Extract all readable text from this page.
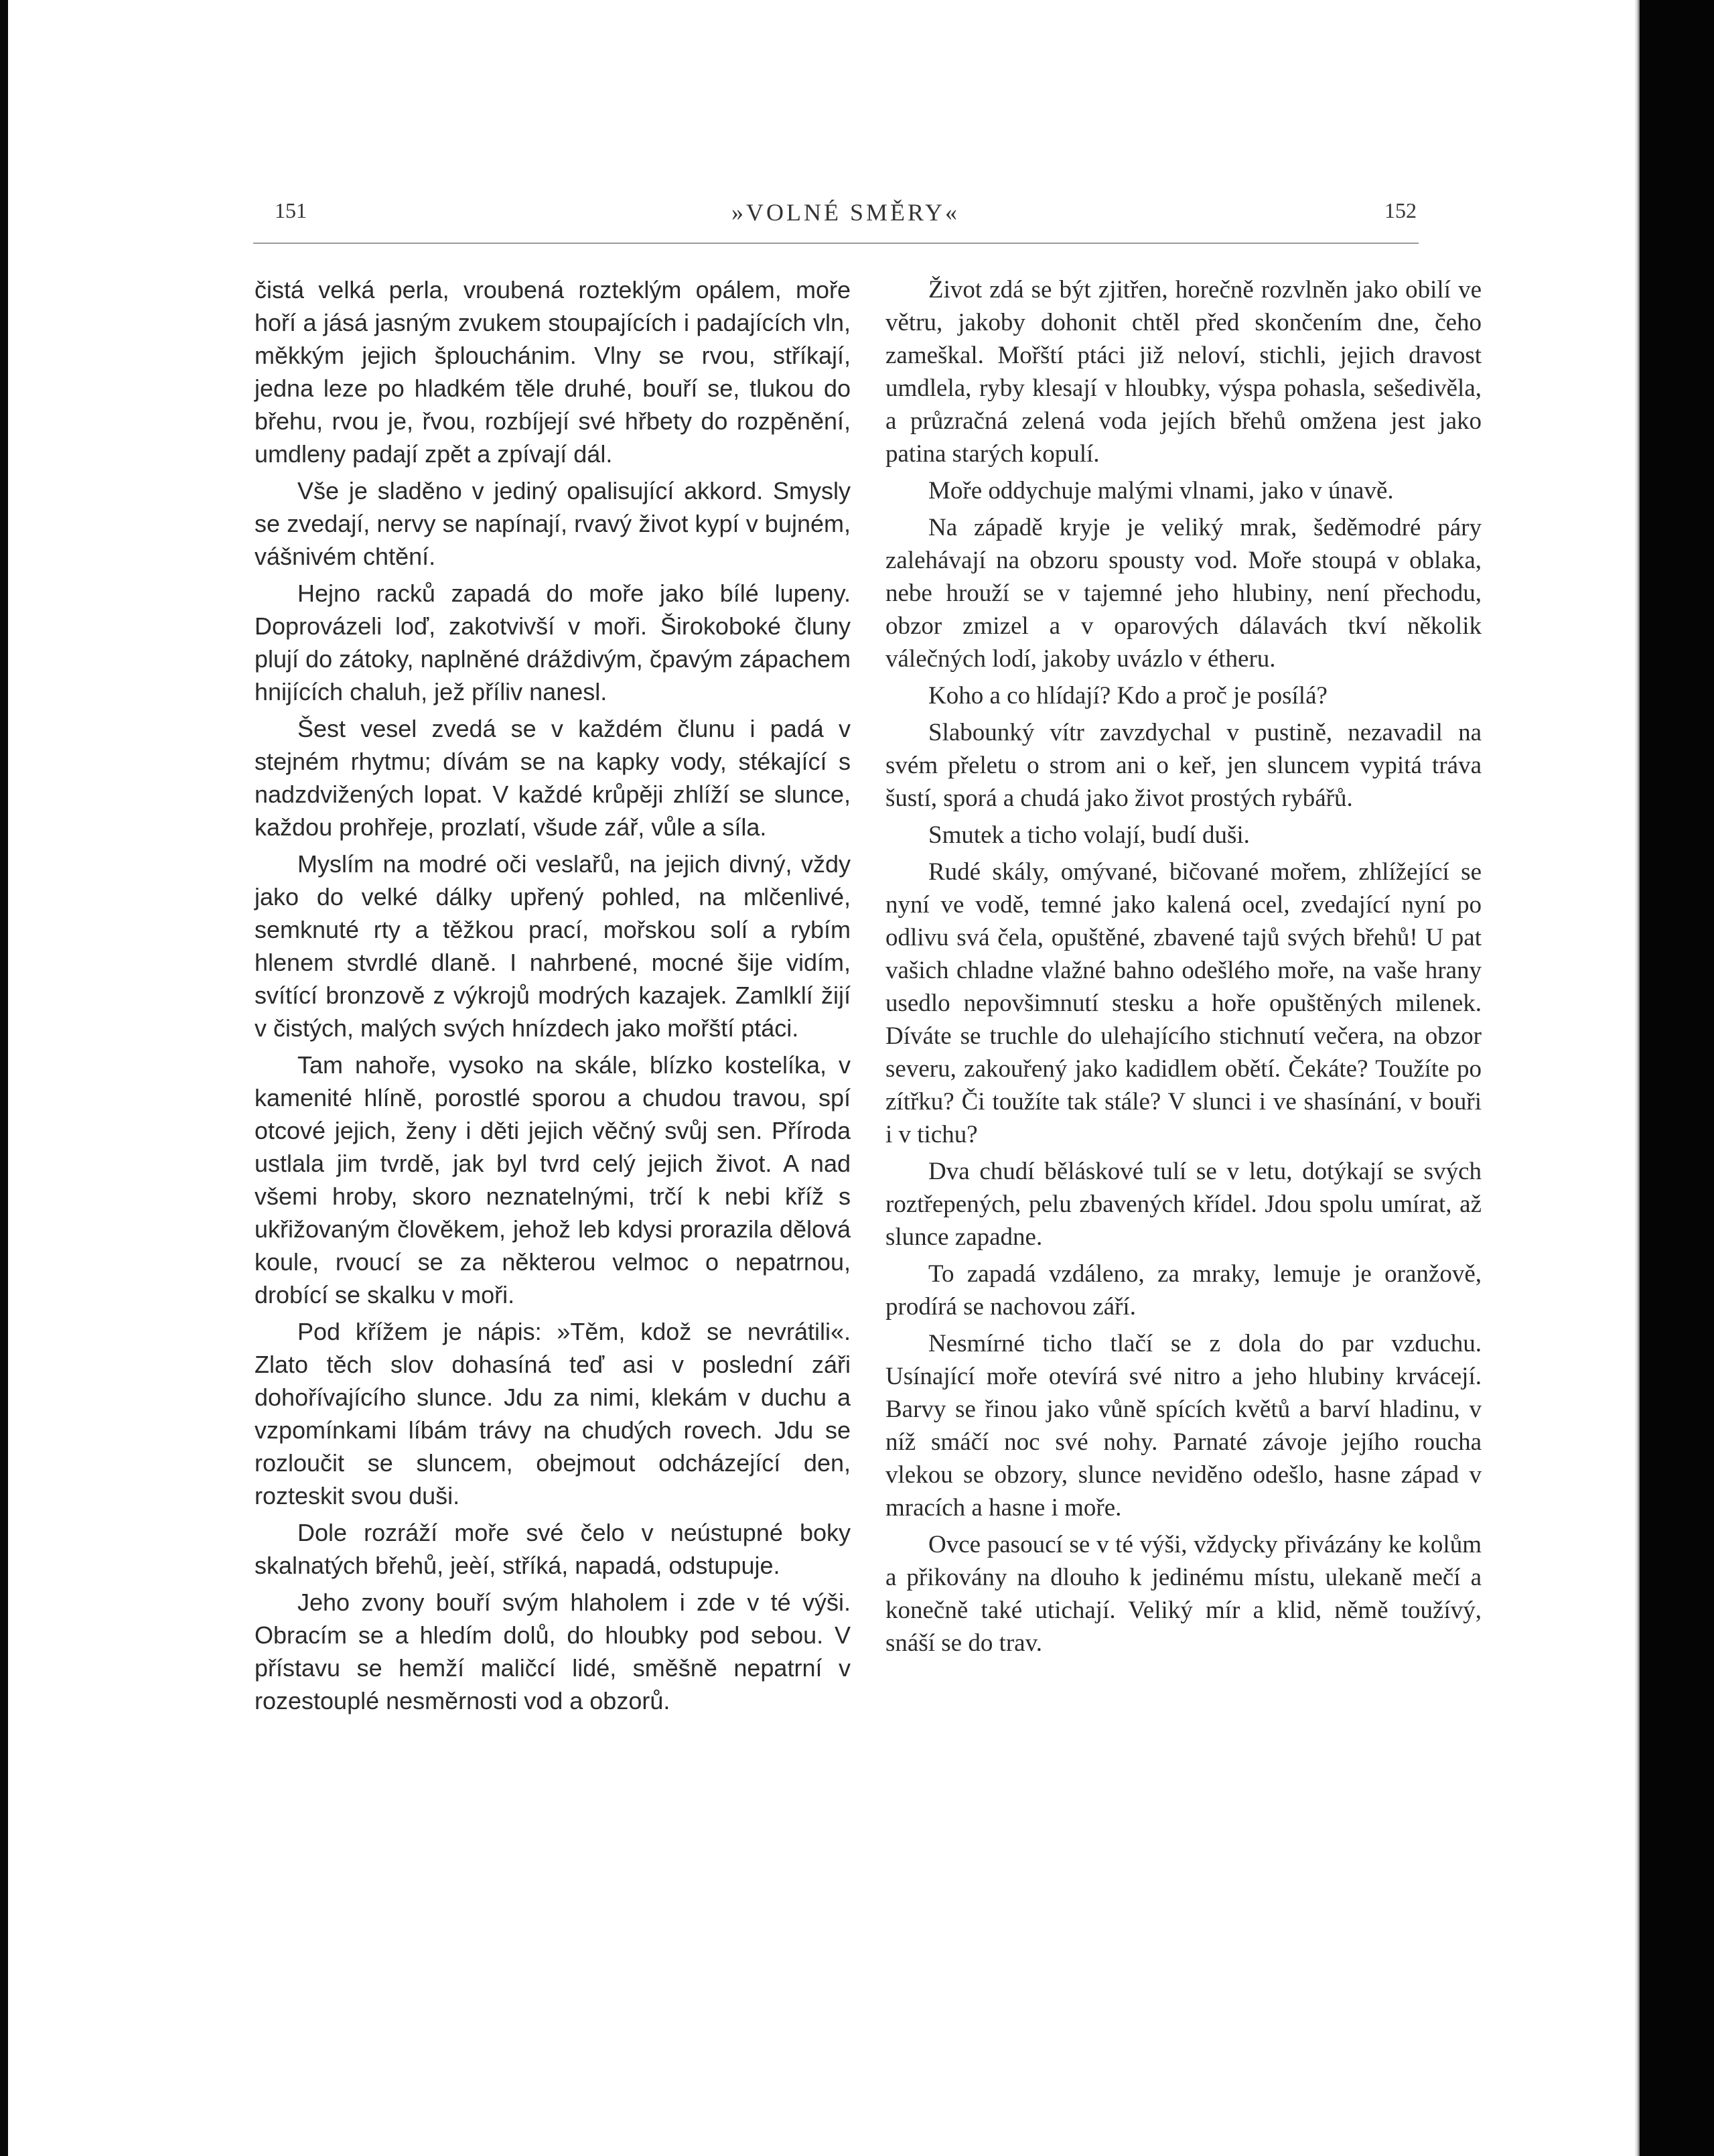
151	»VOLNÉ SMĚRY«	152

čistá velká perla, vroubená rozteklým opálem, moře hoří a jásá jasným zvukem stoupajících i padajících vln, měkkým jejich šplouchánim. Vlny se rvou, stříkají, jedna leze po hladkém těle druhé, bouří se, tlukou do břehu, rvou je, řvou, rozbíjejí své hřbety do rozpěnění, umdleny padají zpět a zpívají dál.

Vše je sladěno v jediný opalisující akkord. Smysly se zvedají, nervy se napínají, rvavý život kypí v bujném, vášnivém chtění.

Hejno racků zapadá do moře jako bílé lupeny. Doprovázeli loď, zakotvivší v moři. Širokoboké čluny plují do zátoky, naplněné dráždivým, čpavým zápachem hnijících chaluh, jež příliv nanesl.

Šest vesel zvedá se v každém člunu i padá v stejném rhytmu; dívám se na kapky vody, stékající s nadzdvižených lopat. V každé krůpěji zhlíží se slunce, každou prohřeje, prozlatí, všude zář, vůle a síla.

Myslím na modré oči veslařů, na jejich divný, vždy jako do velké dálky upřený pohled, na mlčenlivé, semknuté rty a těžkou prací, mořskou solí a rybím hlenem stvrdlé dlaně. I nahrbené, mocné šije vidím, svítící bronzově z výkrojů modrých kazajek. Zamlklí žijí v čistých, malých svých hnízdech jako mořští ptáci.

Tam nahoře, vysoko na skále, blízko kostelíka, v kamenité hlíně, porostlé sporou a chudou travou, spí otcové jejich, ženy i děti jejich věčný svůj sen. Příroda ustlala jim tvrdě, jak byl tvrd celý jejich život. A nad všemi hroby, skoro neznatelnými, trčí k nebi kříž s ukřižovaným člověkem, jehož leb kdysi prorazila dělová koule, rvoucí se za některou velmoc o nepatrnou, drobící se skalku v moři.

Pod křížem je nápis: »Těm, kdož se nevrátili«. Zlato těch slov dohasíná teď asi v poslední záři dohořívajícího slunce. Jdu za nimi, klekám v duchu a vzpomínkami líbám trávy na chudých rovech. Jdu se rozloučit se sluncem, obejmout odcházející den, rozteskit svou duši.

Dole rozráží moře své čelo v neústupné boky skalnatých břehů, jeèí, stříká, napadá, odstupuje.

Jeho zvony bouří svým hlaholem i zde v té výši. Obracím se a hledím dolů, do hloubky pod sebou. V přístavu se hemží maličcí lidé, směšně nepatrní v rozestouplé nesměrnosti vod a obzorů.

Život zdá se být zjitřen, horečně rozvlněn jako obilí ve větru, jakoby dohonit chtěl před skončením dne, čeho zameškal. Mořští ptáci již neloví, stichli, jejich dravost umdlela, ryby klesají v hloubky, výspa pohasla, sešedivěla, a průzračná zelená voda jejích břehů omžena jest jako patina starých kopulí.

Moře oddychuje malými vlnami, jako v únavě.

Na západě kryje je veliký mrak, šeděmodré páry zalehávají na obzoru spousty vod. Moře stoupá v oblaka, nebe hrouží se v tajemné jeho hlubiny, není přechodu, obzor zmizel a v oparových dálavách tkví několik válečných lodí, jakoby uvázlo v étheru.

Koho a co hlídají? Kdo a proč je posílá?

Slabounký vítr zavzdychal v pustině, nezavadil na svém přeletu o strom ani o keř, jen sluncem vypitá tráva šustí, sporá a chudá jako život prostých rybářů.

Smutek a ticho volají, budí duši.

Rudé skály, omývané, bičované mořem, zhlížející se nyní ve vodě, temné jako kalená ocel, zvedající nyní po odlivu svá čela, opuštěné, zbavené tajů svých břehů! U pat vašich chladne vlažné bahno odešlého moře, na vaše hrany usedlo nepovšimnutí stesku a hoře opuštěných milenek. Díváte se truchle do ulehajícího stichnutí večera, na obzor severu, zakouřený jako kadidlem obětí. Čekáte? Toužíte po zítřku? Či toužíte tak stále? V slunci i ve shasínání, v bouři i v tichu?

Dva chudí běláskové tulí se v letu, dotýkají se svých roztřepených, pelu zbavených křídel. Jdou spolu umírat, až slunce zapadne.

To zapadá vzdáleno, za mraky, lemuje je oranžově, prodírá se nachovou září.

Nesmírné ticho tlačí se z dola do par vzduchu. Usínající moře otevírá své nitro a jeho hlubiny krvácejí. Barvy se řinou jako vůně spících květů a barví hladinu, v níž smáčí noc své nohy. Parnaté závoje jejího roucha vlekou se obzory, slunce neviděno odešlo, hasne západ v mracích a hasne i moře.

Ovce pasoucí se v té výši, vždycky přivázány ke kolům a přikovány na dlouho k jedinému místu, ulekaně mečí a konečně také utichají. Veliký mír a klid, němě toužívý, snáší se do trav.
